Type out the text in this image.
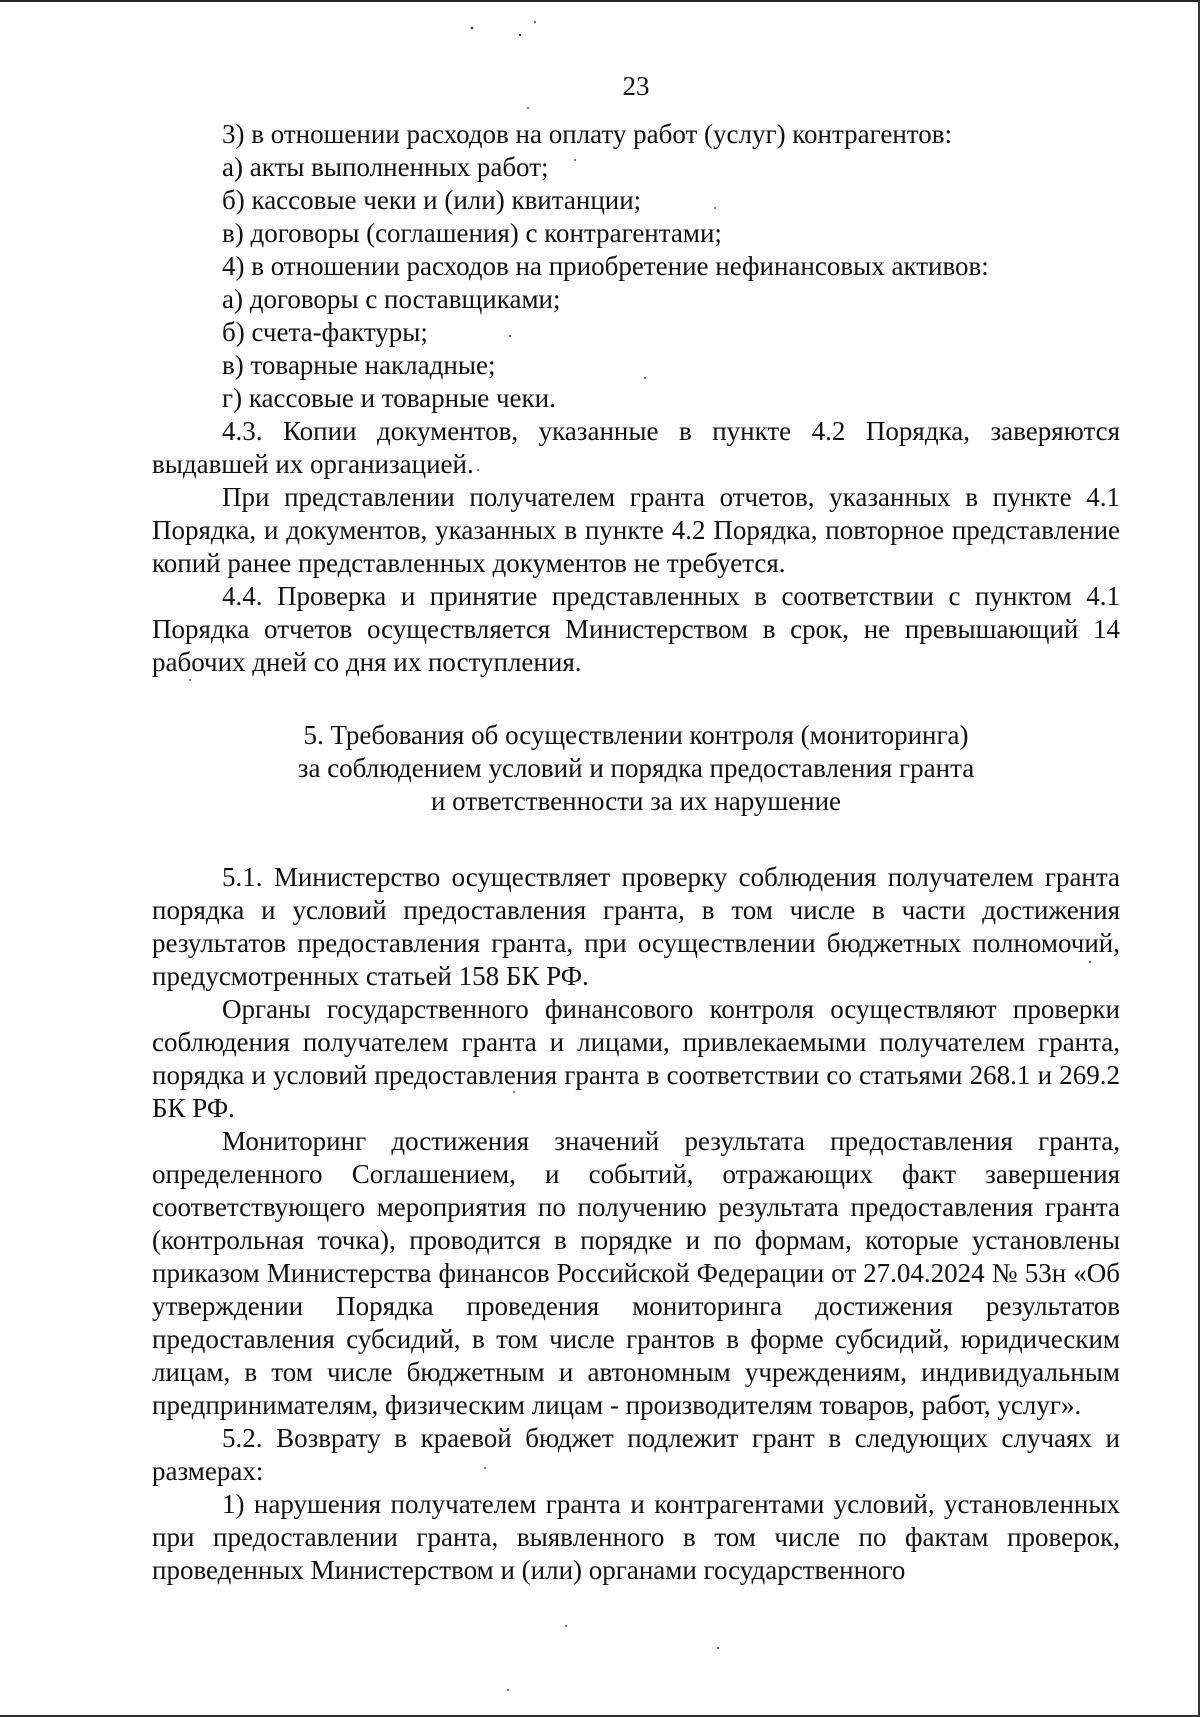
23

3) в отношении расходов на оплату работ (услуг) контрагентов:

а) акты выполненных работ;

б) кассовые чеки и (или) квитанции;

в) договоры (соглашения) с контрагентами;

4) в отношении расходов на приобретение нефинансовых активов:

а) договоры с поставщиками;

б) счета-фактуры;

в) товарные накладные;

г) кассовые и товарные чеки.

4.3. Копии документов, указанные в пункте 4.2 Порядка, заверяются выдавшей их организацией.

При представлении получателем гранта отчетов, указанных в пункте 4.1 Порядка, и документов, указанных в пункте 4.2 Порядка, повторное представление копий ранее представленных документов не требуется.

4.4. Проверка и принятие представленных в соответствии с пунктом 4.1 Порядка отчетов осуществляется Министерством в срок, не превышающий 14 рабочих дней со дня их поступления.

5. Требования об осуществлении контроля (мониторинга)
за соблюдением условий и порядка предоставления гранта
и ответственности за их нарушение

5.1. Министерство осуществляет проверку соблюдения получателем гранта порядка и условий предоставления гранта, в том числе в части достижения результатов предоставления гранта, при осуществлении бюджетных полномочий, предусмотренных статьей 158 БК РФ.

Органы государственного финансового контроля осуществляют проверки соблюдения получателем гранта и лицами, привлекаемыми получателем гранта, порядка и условий предоставления гранта в соответствии со статьями 268.1 и 269.2 БК РФ.

Мониторинг достижения значений результата предоставления гранта, определенного Соглашением, и событий, отражающих факт завершения соответствующего мероприятия по получению результата предоставления гранта (контрольная точка), проводится в порядке и по формам, которые установлены приказом Министерства финансов Российской Федерации от 27.04.2024 № 53н «Об утверждении Порядка проведения мониторинга достижения результатов предоставления субсидий, в том числе грантов в форме субсидий, юридическим лицам, в том числе бюджетным и автономным учреждениям, индивидуальным предпринимателям, физическим лицам - производителям товаров, работ, услуг».

5.2. Возврату в краевой бюджет подлежит грант в следующих случаях и размерах:

1) нарушения получателем гранта и контрагентами условий, установленных при предоставлении гранта, выявленного в том числе по фактам проверок, проведенных Министерством и (или) органами государственного
